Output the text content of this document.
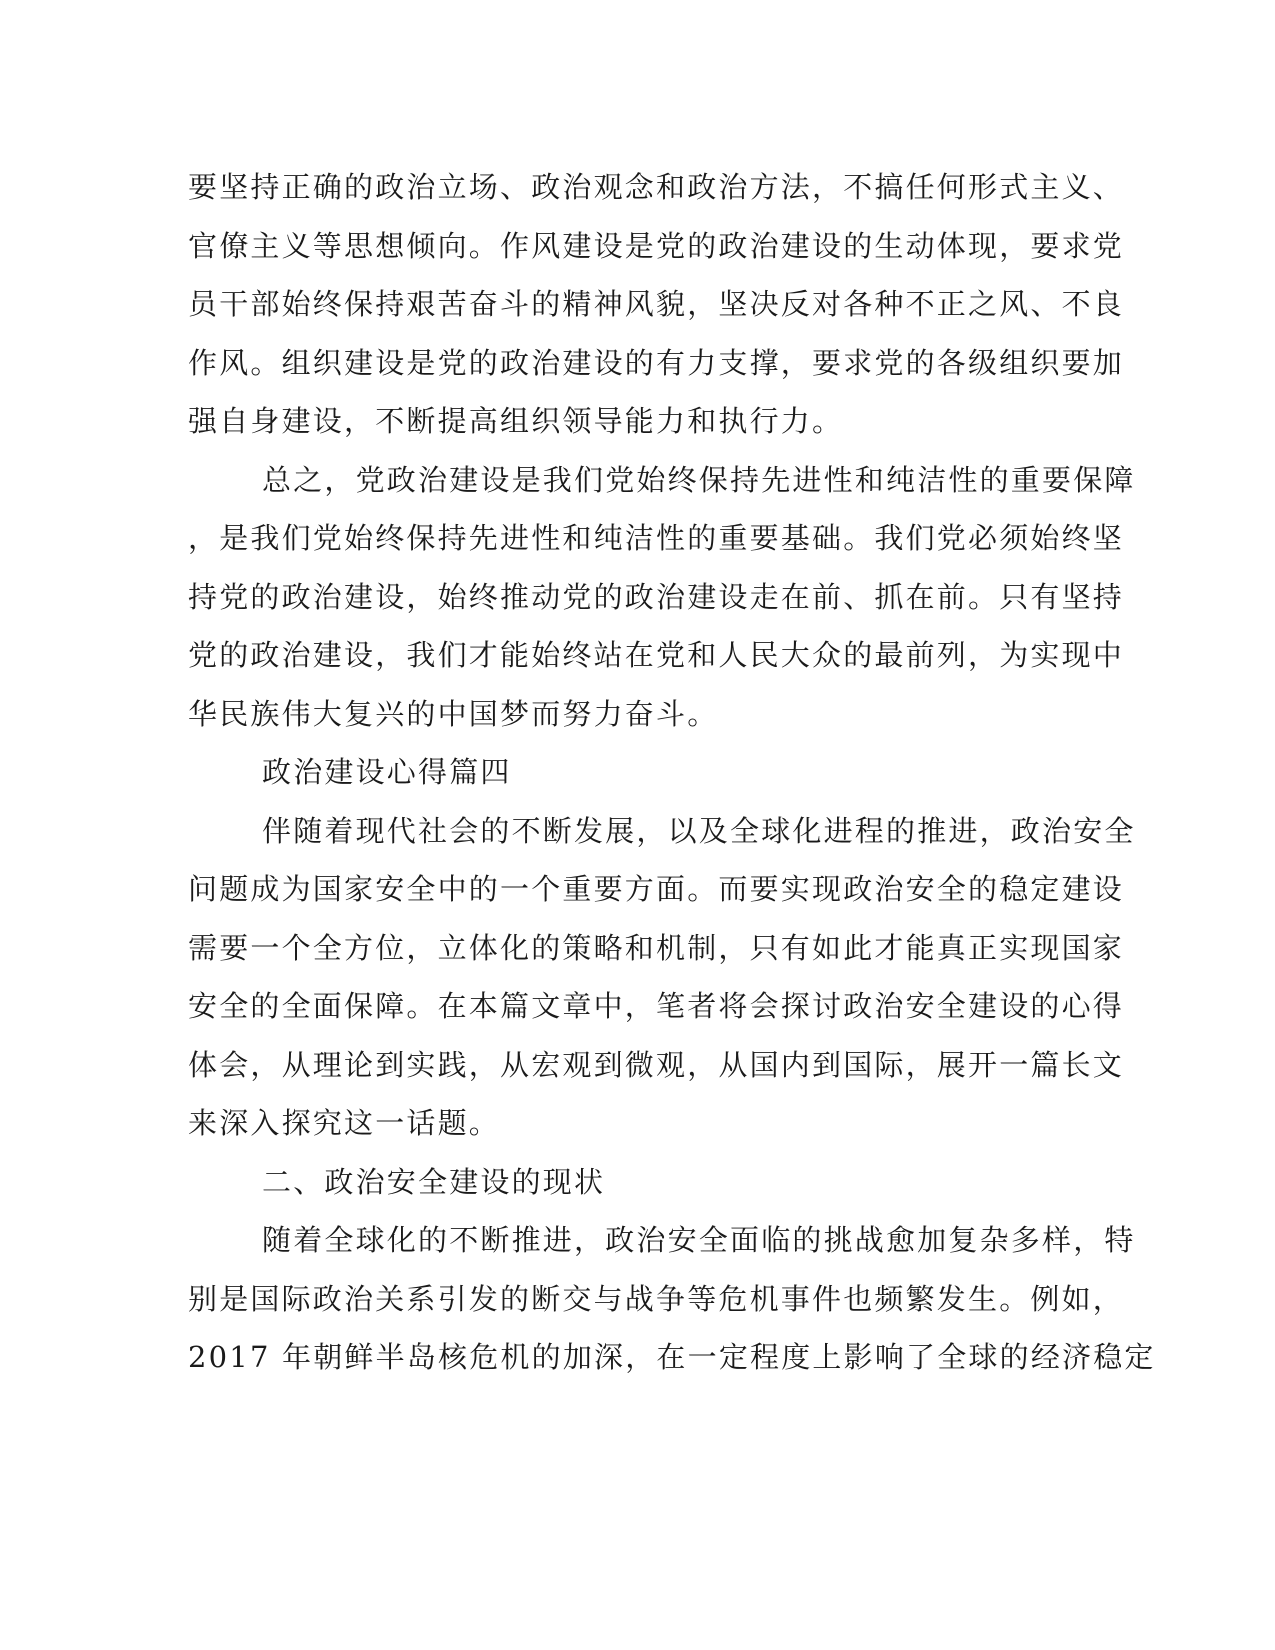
要坚持正确的政治立场、政治观念和政治方法，不搞任何形式主义、
官僚主义等思想倾向。作风建设是党的政治建设的生动体现，要求党
员干部始终保持艰苦奋斗的精神风貌，坚决反对各种不正之风、不良
作风。组织建设是党的政治建设的有力支撑，要求党的各级组织要加
强自身建设，不断提高组织领导能力和执行力。
总之，党政治建设是我们党始终保持先进性和纯洁性的重要保障
，是我们党始终保持先进性和纯洁性的重要基础。我们党必须始终坚
持党的政治建设，始终推动党的政治建设走在前、抓在前。只有坚持
党的政治建设，我们才能始终站在党和人民大众的最前列，为实现中
华民族伟大复兴的中国梦而努力奋斗。
政治建设心得篇四
伴随着现代社会的不断发展，以及全球化进程的推进，政治安全
问题成为国家安全中的一个重要方面。而要实现政治安全的稳定建设
需要一个全方位，立体化的策略和机制，只有如此才能真正实现国家
安全的全面保障。在本篇文章中，笔者将会探讨政治安全建设的心得
体会，从理论到实践，从宏观到微观，从国内到国际，展开一篇长文
来深入探究这一话题。
二、政治安全建设的现状
随着全球化的不断推进，政治安全面临的挑战愈加复杂多样，特
别是国际政治关系引发的断交与战争等危机事件也频繁发生。例如，
2017 年朝鲜半岛核危机的加深，在一定程度上影响了全球的经济稳定
